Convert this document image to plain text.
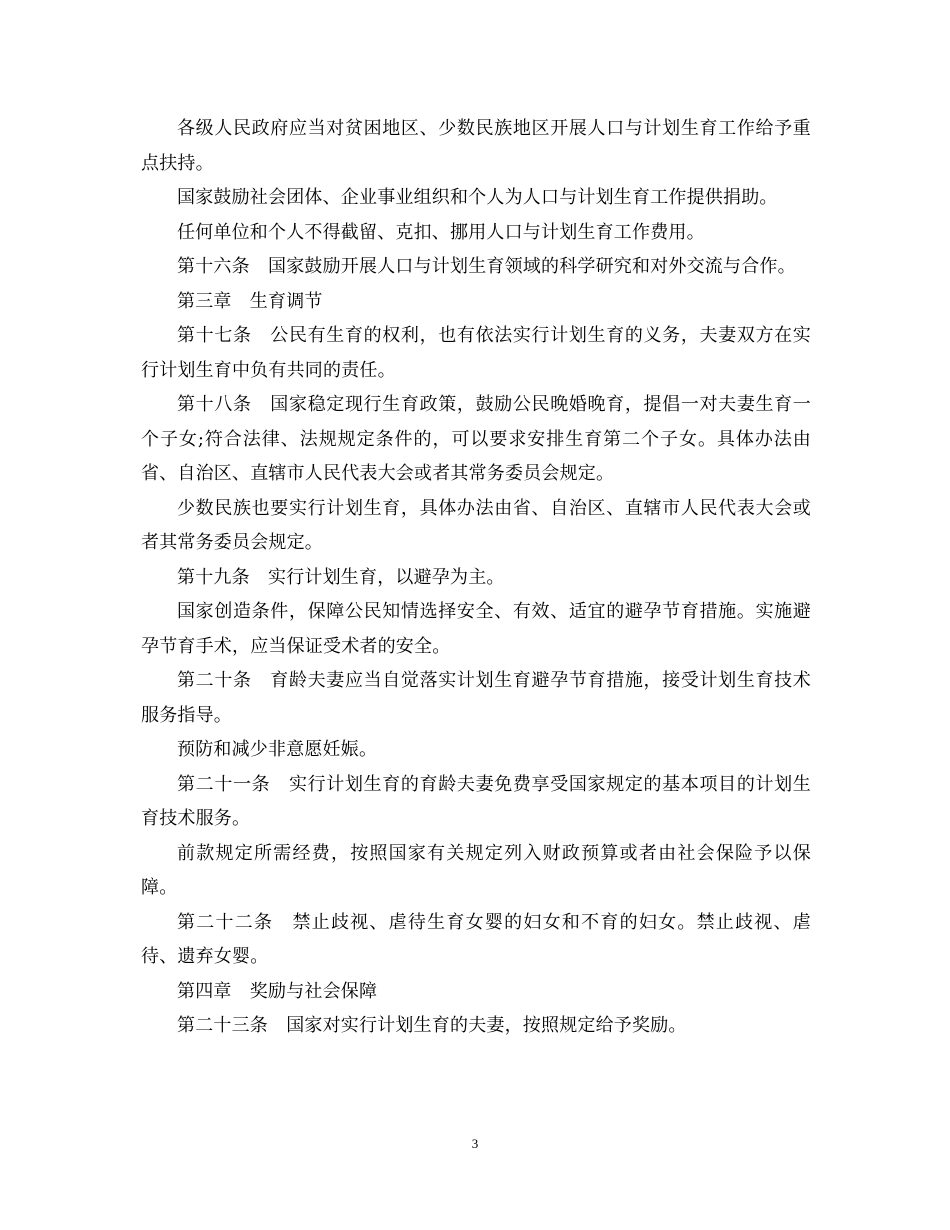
各级人民政府应当对贫困地区、少数民族地区开展人口与计划生育工作给予重点扶持。

国家鼓励社会团体、企业事业组织和个人为人口与计划生育工作提供捐助。

任何单位和个人不得截留、克扣、挪用人口与计划生育工作费用。

第十六条　国家鼓励开展人口与计划生育领域的科学研究和对外交流与合作。

第三章　生育调节

第十七条　公民有生育的权利，也有依法实行计划生育的义务，夫妻双方在实行计划生育中负有共同的责任。

第十八条　国家稳定现行生育政策，鼓励公民晚婚晚育，提倡一对夫妻生育一个子女;符合法律、法规规定条件的，可以要求安排生育第二个子女。具体办法由省、自治区、直辖市人民代表大会或者其常务委员会规定。

少数民族也要实行计划生育，具体办法由省、自治区、直辖市人民代表大会或者其常务委员会规定。

第十九条　实行计划生育，以避孕为主。

国家创造条件，保障公民知情选择安全、有效、适宜的避孕节育措施。实施避孕节育手术，应当保证受术者的安全。

第二十条　育龄夫妻应当自觉落实计划生育避孕节育措施，接受计划生育技术服务指导。

预防和减少非意愿妊娠。

第二十一条　实行计划生育的育龄夫妻免费享受国家规定的基本项目的计划生育技术服务。

前款规定所需经费，按照国家有关规定列入财政预算或者由社会保险予以保障。

第二十二条　禁止歧视、虐待生育女婴的妇女和不育的妇女。禁止歧视、虐待、遗弃女婴。

第四章　奖励与社会保障

第二十三条　国家对实行计划生育的夫妻，按照规定给予奖励。

3
